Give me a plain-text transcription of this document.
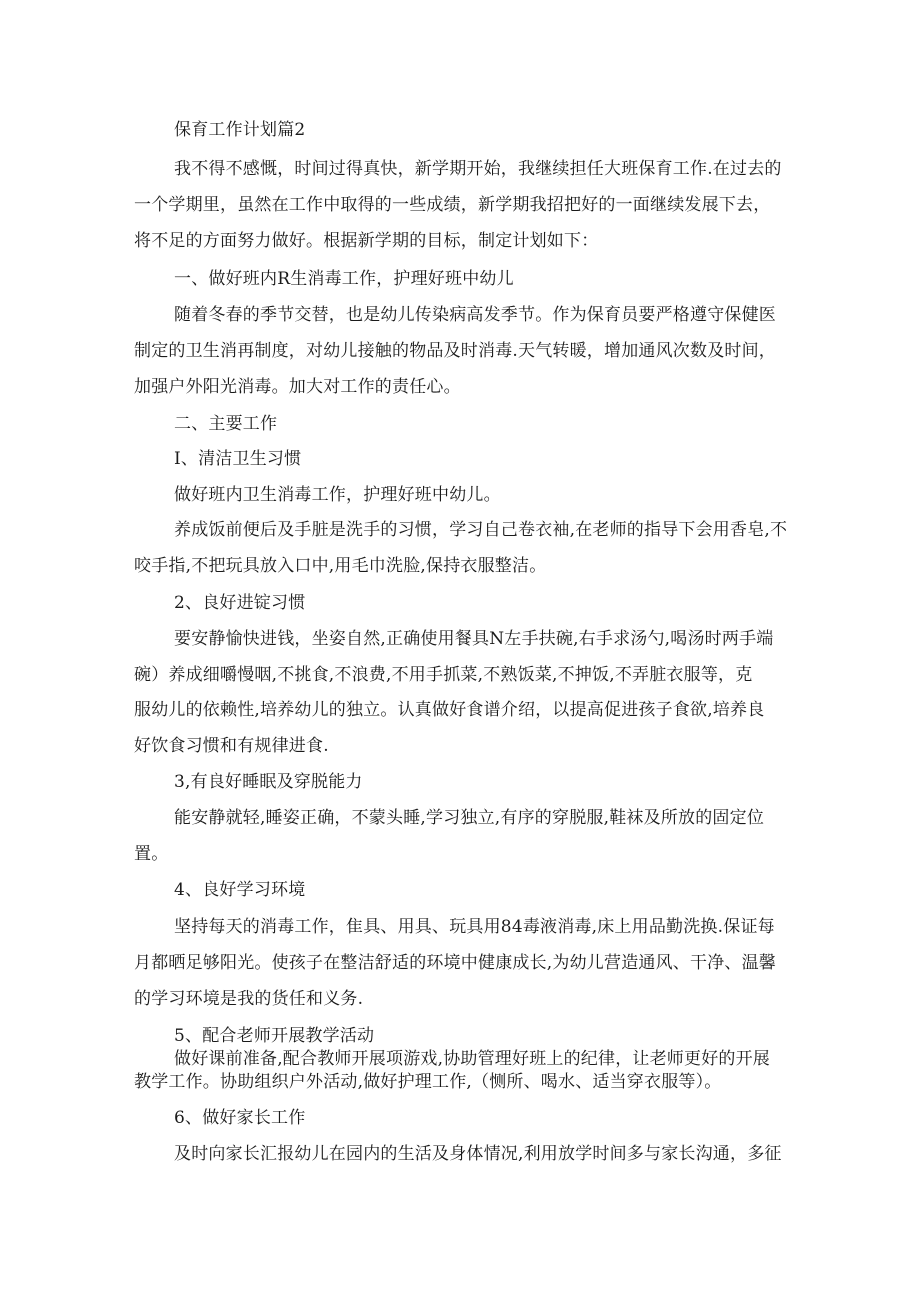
保育工作计划篇2
我不得不感慨，时间过得真快，新学期开始，我继续担任大班保育工作.在过去的
一个学期里，虽然在工作中取得的一些成绩，新学期我招把好的一面继续发展下去，
将不足的方面努力做好。根据新学期的目标，制定计划如下：
一、做好班内R生消毒工作，护理好班中幼儿
随着冬春的季节交替，也是幼儿传染病高发季节。作为保育员要严格遵守保健医
制定的卫生消再制度，对幼儿接触的物品及时消毒.天气转暖，增加通风次数及时间，
加强户外阳光消毒。加大对工作的责任心。
二、主要工作
I、清洁卫生习惯
做好班内卫生消毒工作，护理好班中幼儿。
养成饭前便后及手脏是洗手的习惯，学习自己卷衣袖,在老师的指导下会用香皂,不
咬手指,不把玩具放入口中,用毛巾洗脸,保持衣服整洁。
2、良好进锭习惯
要安静愉快进钱，坐姿自然,正确使用餐具N左手扶碗,右手求汤勺,喝汤时两手端
碗）养成细嚼慢咽,不挑食,不浪费,不用手抓菜,不熟饭菜,不抻饭,不弄脏衣服等，克
服幼儿的依赖性,培养幼儿的独立。认真做好食谱介绍，以提高促进孩子食欲,培养良
好饮食习惯和有规律进食.
3,有良好睡眠及穿脱能力
能安静就轻,睡姿正确，不蒙头睡,学习独立,有序的穿脱服,鞋袜及所放的固定位
置。
4、良好学习环境
坚持每天的消毒工作，隹具、用具、玩具用84毒液消毒,床上用品勤洗换.保证每
月都晒足够阳光。使孩子在整洁舒适的环境中健康成长,为幼儿营造通风、干净、温馨
的学习环境是我的货任和义务.
5、配合老师开展教学活动
做好课前准备,配合教师开展项游戏,协助管理好班上的纪律，让老师更好的开展
教学工作。协助组织户外活动,做好护理工作,（恻所、喝水、适当穿衣服等）。
6、做好家长工作
及时向家长汇报幼儿在园内的生活及身体情况,利用放学时间多与家长沟通，多征
